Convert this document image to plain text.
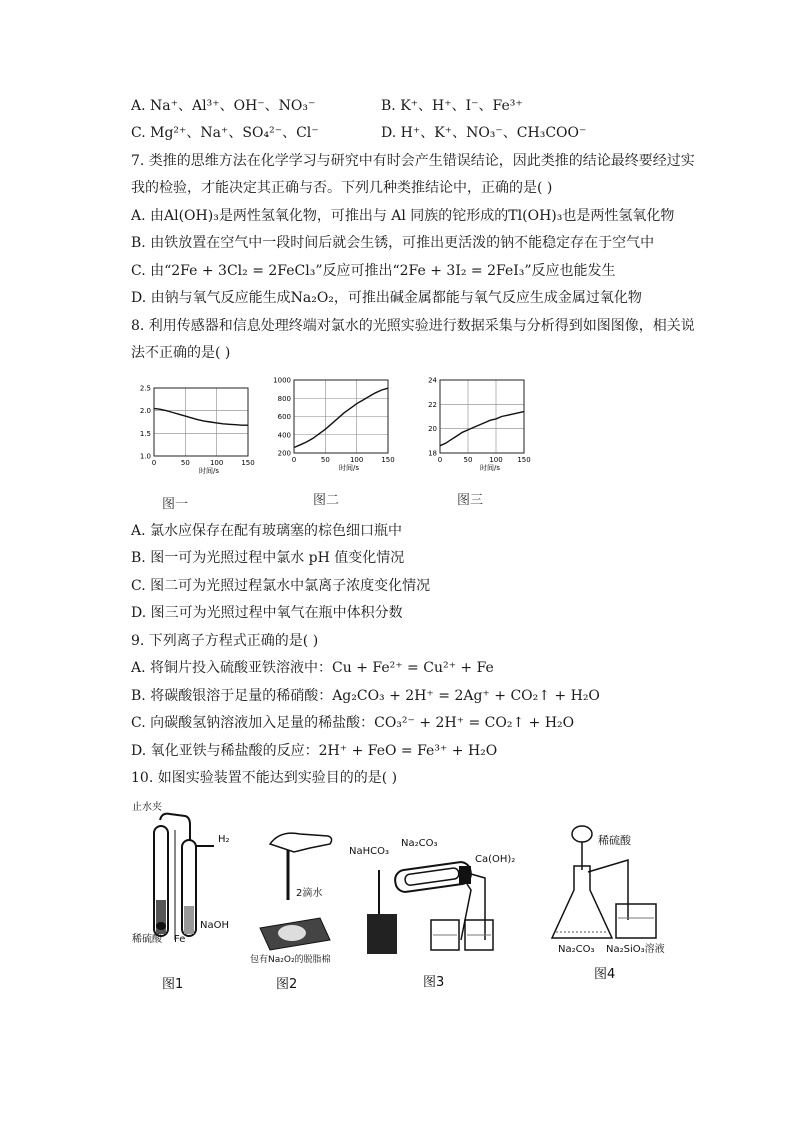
A. Na⁺、Al³⁺、OH⁻、NO₃⁻	B. K⁺、H⁺、I⁻、Fe³⁺
C. Mg²⁺、Na⁺、SO₄²⁻、Cl⁻	D. H⁺、K⁺、NO₃⁻、CH₃COO⁻
7. 类推的思维方法在化学学习与研究中有时会产生错误结论，因此类推的结论最终要经过实
我的检验，才能决定其正确与否。下列几种类推结论中，正确的是( )
A. 由Al(OH)₃是两性氢氧化物，可推出与 Al 同族的铊形成的Tl(OH)₃也是两性氢氧化物
B. 由铁放置在空气中一段时间后就会生锈，可推出更活泼的钠不能稳定存在于空气中
C. 由“2Fe + 3Cl₂ = 2FeCl₃”反应可推出“2Fe + 3I₂ = 2FeI₃”反应也能发生
D. 由钠与氧气反应能生成Na₂O₂，可推出碱金属都能与氧气反应生成金属过氧化物
8. 利用传感器和信息处理终端对氯水的光照实验进行数据采集与分析得到如图图像，相关说
法不正确的是( )
0	50	100	150
1.0
1.5
2.0
2.5
时间/s
0	50	100	150
200
400
600
800
1000
时间/s
0	50 100 150
18
20
22
24
时间/s
图一	图二	图三
A. 氯水应保存在配有玻璃塞的棕色细口瓶中
B. 图一可为光照过程中氯水 pH 值变化情况
C. 图二可为光照过程氯水中氯离子浓度变化情况
D. 图三可为光照过程中氧气在瓶中体积分数
9. 下列离子方程式正确的是( )
A. 将铜片投入硫酸亚铁溶液中：Cu + Fe²⁺ = Cu²⁺ + Fe
B. 将碳酸银溶于足量的稀硝酸：Ag₂CO₃ + 2H⁺ = 2Ag⁺ + CO₂↑ + H₂O
C. 向碳酸氢钠溶液加入足量的稀盐酸：CO₃²⁻ + 2H⁺ = CO₂↑ + H₂O
D. 氧化亚铁与稀盐酸的反应：2H⁺ + FeO = Fe³⁺ + H₂O
10. 如图实验装置不能达到实验目的的是( )
止水夹
H₂
稀硫酸 Fe
NaOH
图1
2滴水
包有Na₂O₂的脱脂棉
图2
NaHCO₃
Na₂CO₃
Ca(OH)₂
图3
稀硫酸
Na₂CO₃ Na₂SiO₃溶液
图4
